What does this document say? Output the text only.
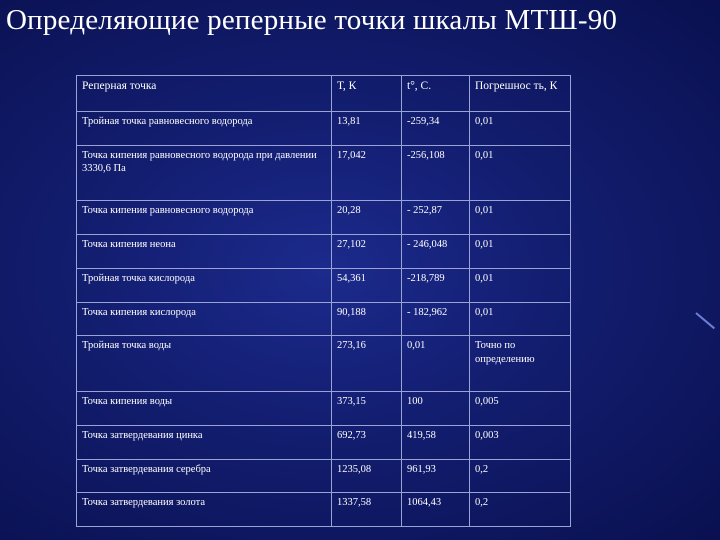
Определяющие реперные точки шкалы МТШ-90
Реперная точка	Т, К	t°, С.	Погрешнос ть, К
Тройная точка равновесного водорода	13,81	-259,34	0,01
Точка кипения равновесного водорода при давлении 3330,6 Па	17,042	-256,108	0,01
Точка кипения равновесного водорода	20,28	- 252,87	0,01
Точка кипения неона	27,102	- 246,048	0,01
Тройная точка кислорода	54,361	-218,789	0,01
Точка кипения кислорода	90,188	- 182,962	0,01
Тройная точка воды	273,16	0,01	Точно по определению
Точка кипения воды	373,15	100	0,005
Точка затвердевания цинка	692,73	419,58	0,003
Точка затвердевания серебра	1235,08	961,93	0,2
Точка затвердевания золота	1337,58	1064,43	0,2
